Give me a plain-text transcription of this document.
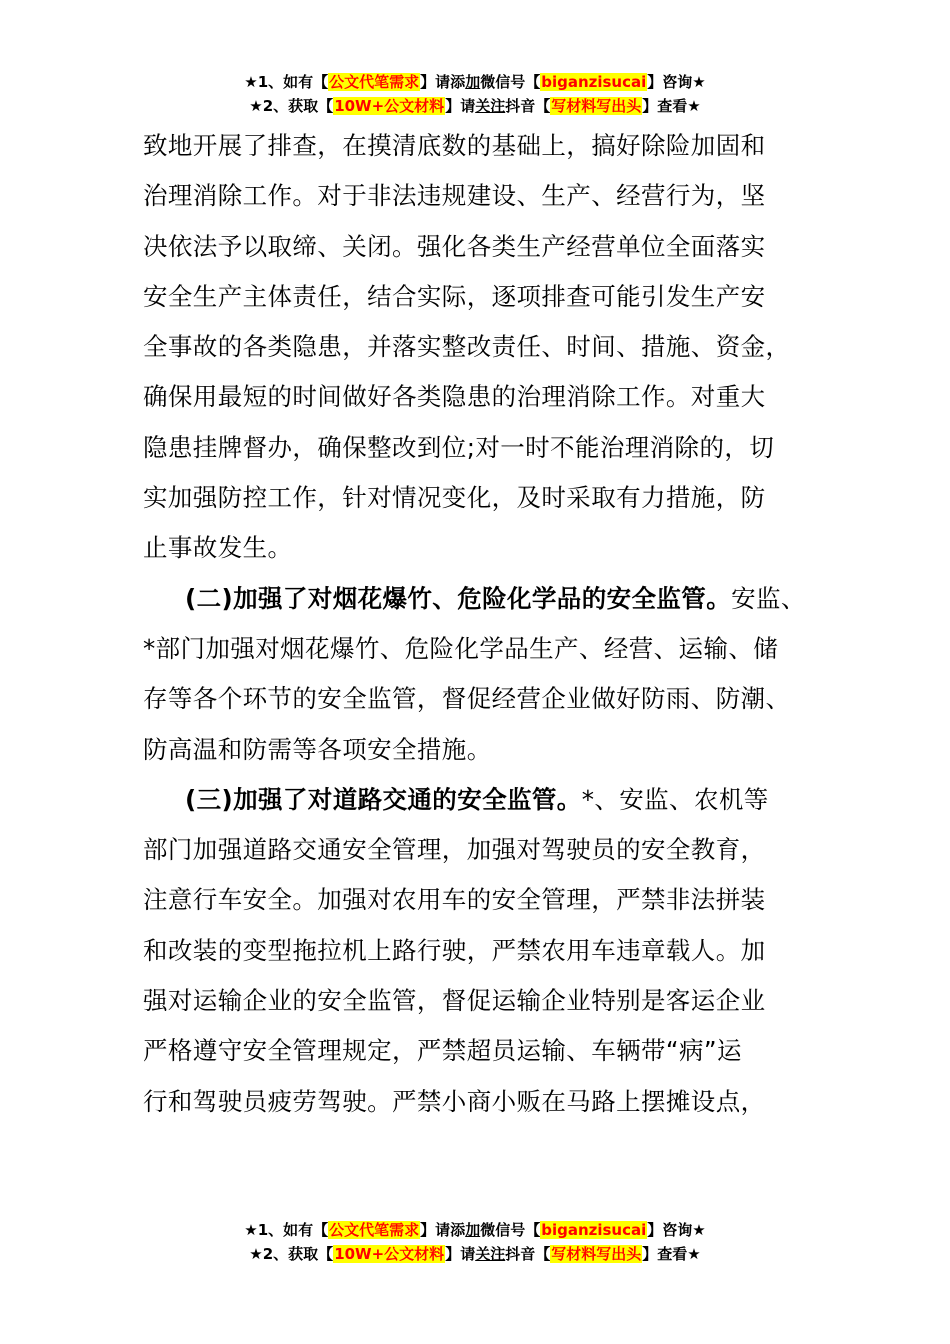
★1、如有【公文代笔需求】请添加微信号【biganzisucai】咨询★
★2、获取【10W+公文材料】请关注抖音【写材料写出头】查看★
致地开展了排查，在摸清底数的基础上，搞好除险加固和
治理消除工作。对于非法违规建设、生产、经营行为，坚
决依法予以取缔、关闭。强化各类生产经营单位全面落实
安全生产主体责任，结合实际，逐项排查可能引发生产安
全事故的各类隐患，并落实整改责任、时间、措施、资金，
确保用最短的时间做好各类隐患的治理消除工作。对重大
隐患挂牌督办，确保整改到位;对一时不能治理消除的，切
实加强防控工作，针对情况变化，及时采取有力措施，防
止事故发生。
(二)加强了对烟花爆竹、危险化学品的安全监管。安监、
*部门加强对烟花爆竹、危险化学品生产、经营、运输、储
存等各个环节的安全监管，督促经营企业做好防雨、防潮、
防高温和防需等各项安全措施。
(三)加强了对道路交通的安全监管。*、安监、农机等
部门加强道路交通安全管理，加强对驾驶员的安全教育，
注意行车安全。加强对农用车的安全管理，严禁非法拼装
和改装的变型拖拉机上路行驶，严禁农用车违章载人。加
强对运输企业的安全监管，督促运输企业特别是客运企业
严格遵守安全管理规定，严禁超员运输、车辆带“病”运
行和驾驶员疲劳驾驶。严禁小商小贩在马路上摆摊设点，
★1、如有【公文代笔需求】请添加微信号【biganzisucai】咨询★
★2、获取【10W+公文材料】请关注抖音【写材料写出头】查看★
